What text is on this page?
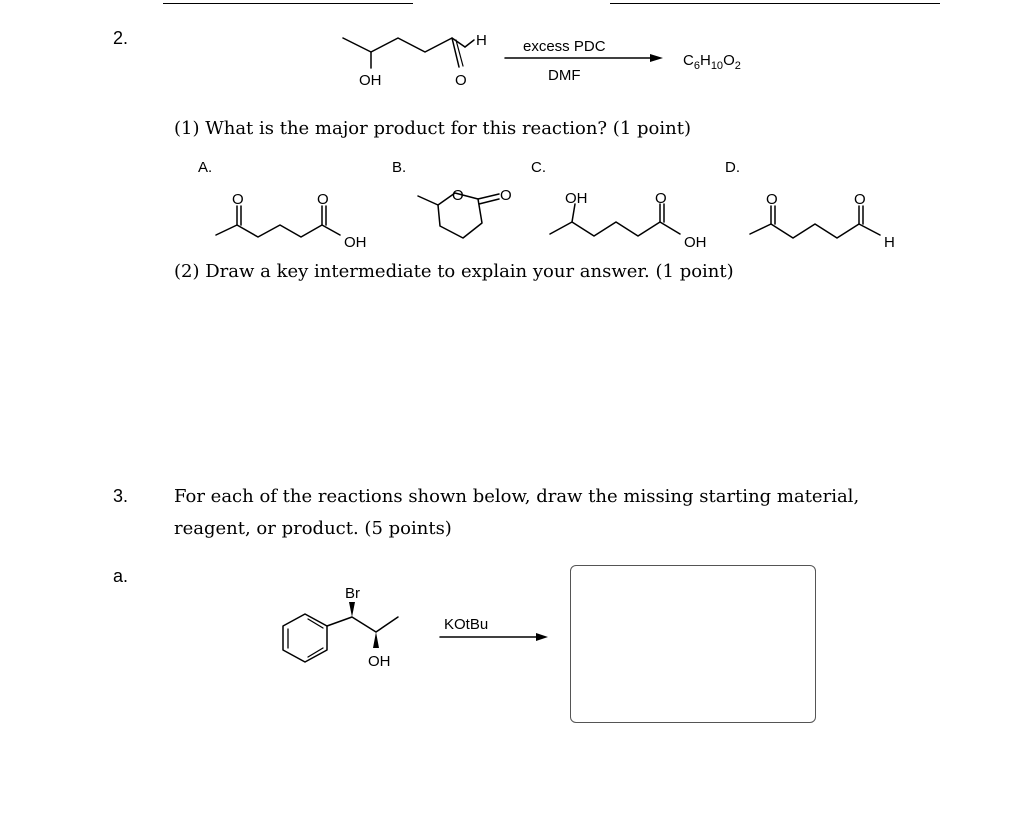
2.	H
OH	O
excess PDC
DMF
$C_6H_{10}O_2$
A.	B.	C.	D.
OH
O O	OH
OH	H
O	O	O	O	O
Br
OH
KOtBu
(1) What is the major product for this reaction? (1 point)
(2) Draw a key intermediate to explain your answer. (1 point)
3.	For each of the reactions shown below, draw the missing starting material, reagent, or product. (5 points)
a.
